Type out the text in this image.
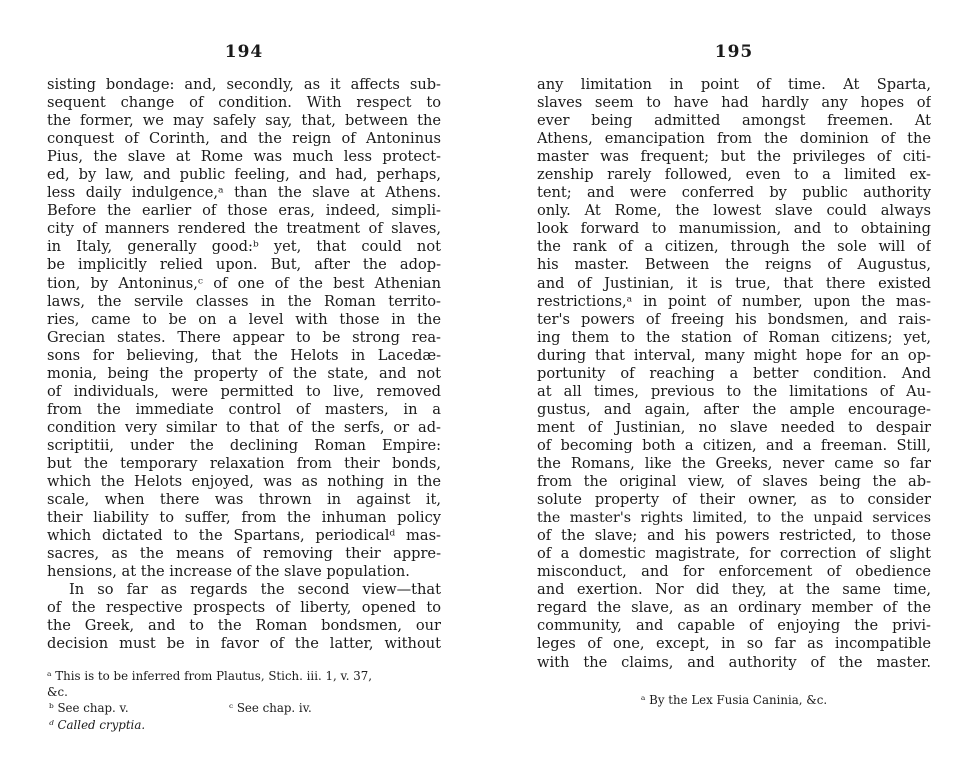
194
sisting bondage: and, secondly, as it affects sub-
sequent change of condition. With respect to
the former, we may safely say, that, between the
conquest of Corinth, and the reign of Antoninus
Pius, the slave at Rome was much less protect-
ed, by law, and public feeling, and had, perhaps,
less daily indulgence,ᵃ than the slave at Athens.
Before the earlier of those eras, indeed, simpli-
city of manners rendered the treatment of slaves,
in Italy, generally good:ᵇ yet, that could not
be implicitly relied upon. But, after the adop-
tion, by Antoninus,ᶜ of one of the best Athenian
laws, the servile classes in the Roman territo-
ries, came to be on a level with those in the
Grecian states. There appear to be strong rea-
sons for believing, that the Helots in Lacedæ-
monia, being the property of the state, and not
of individuals, were permitted to live, removed
from the immediate control of masters, in a
condition very similar to that of the serfs, or ad-
scriptitii, under the declining Roman Empire:
but the temporary relaxation from their bonds,
which the Helots enjoyed, was as nothing in the
scale, when there was thrown in against it,
their liability to suffer, from the inhuman policy
which dictated to the Spartans, periodicalᵈ mas-
sacres, as the means of removing their appre-
hensions, at the increase of the slave population.
In so far as regards the second view—that
of the respective prospects of liberty, opened to
the Greek, and to the Roman bondsmen, our
decision must be in favor of the latter, without
ᵃ This is to be inferred from Plautus, Stich. iii. 1, v. 37,
&c.
ᵇ See chap. v.	ᶜ See chap. iv.
ᵈ Called cryptia.
195
any limitation in point of time. At Sparta,
slaves seem to have had hardly any hopes of
ever being admitted amongst freemen. At
Athens, emancipation from the dominion of the
master was frequent; but the privileges of citi-
zenship rarely followed, even to a limited ex-
tent; and were conferred by public authority
only. At Rome, the lowest slave could always
look forward to manumission, and to obtaining
the rank of a citizen, through the sole will of
his master. Between the reigns of Augustus,
and of Justinian, it is true, that there existed
restrictions,ᵃ in point of number, upon the mas-
ter's powers of freeing his bondsmen, and rais-
ing them to the station of Roman citizens; yet,
during that interval, many might hope for an op-
portunity of reaching a better condition. And
at all times, previous to the limitations of Au-
gustus, and again, after the ample encourage-
ment of Justinian, no slave needed to despair
of becoming both a citizen, and a freeman. Still,
the Romans, like the Greeks, never came so far
from the original view, of slaves being the ab-
solute property of their owner, as to consider
the master's rights limited, to the unpaid services
of the slave; and his powers restricted, to those
of a domestic magistrate, for correction of slight
misconduct, and for enforcement of obedience
and exertion. Nor did they, at the same time,
regard the slave, as an ordinary member of the
community, and capable of enjoying the privi-
leges of one, except, in so far as incompatible
with the claims, and authority of the master.
ᵃ By the Lex Fusia Caninia, &c.
